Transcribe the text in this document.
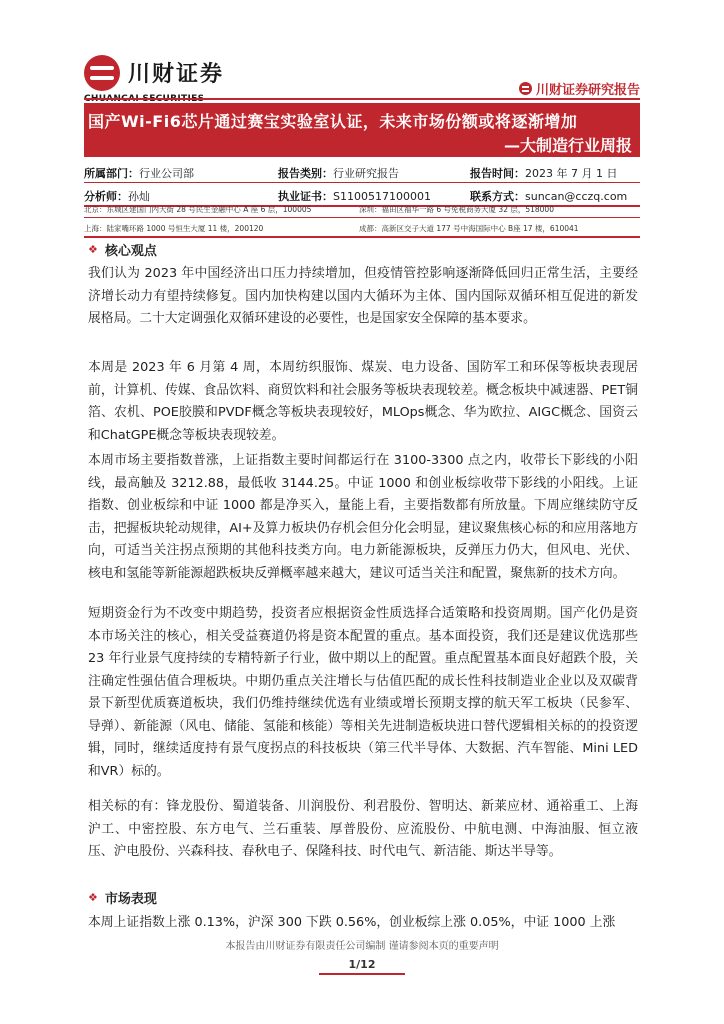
川财证券
川财证券研究报告
国产Wi-Fi6芯片通过赛宝实验室认证，未来市场份额或将逐渐增加
—大制造行业周报
所属部门：行业公司部	报告类别：行业研究报告	报告时间：2023 年 7 月 1 日
分析师：孙灿	执业证书：S1100517100001	联系方式：suncan@cczq.com
北京：东城区建国门内大街 28 号民生金融中心 A 座 6 层，100005	深圳：福田区福华一路 6 号免税商务大厦 32 层，518000
上海：陆家嘴环路 1000 号恒生大厦 11 楼，200120	成都：高新区交子大道 177 号中海国际中心 B座 17 楼，610041
❖ 核心观点
我们认为 2023 年中国经济出口压力持续增加，但疫情管控影响逐渐降低回归正常生活，主要经济增长动力有望持续修复。国内加快构建以国内大循环为主体、国内国际双循环相互促进的新发展格局。二十大定调强化双循环建设的必要性，也是国家安全保障的基本要求。
本周是 2023 年 6 月第 4 周，本周纺织服饰、煤炭、电力设备、国防军工和环保等板块表现居前，计算机、传媒、食品饮料、商贸饮料和社会服务等板块表现较差。概念板块中减速器、PET铜箔、农机、POE胶膜和PVDF概念等板块表现较好，MLOps概念、华为欧拉、AIGC概念、国资云和ChatGPE概念等板块表现较差。
本周市场主要指数普涨，上证指数主要时间都运行在 3100-3300 点之内，收带长下影线的小阳线，最高触及 3212.88，最低收 3144.25。中证 1000 和创业板综收带下影线的小阳线。上证指数、创业板综和中证 1000 都是净买入，量能上看，主要指数都有所放量。下周应继续防守反击，把握板块轮动规律，AI+及算力板块仍存机会但分化会明显，建议聚焦核心标的和应用落地方向，可适当关注拐点预期的其他科技类方向。电力新能源板块，反弹压力仍大，但风电、光伏、核电和氢能等新能源超跌板块反弹概率越来越大，建议可适当关注和配置，聚焦新的技术方向。
短期资金行为不改变中期趋势，投资者应根据资金性质选择合适策略和投资周期。国产化仍是资本市场关注的核心，相关受益赛道仍将是资本配置的重点。基本面投资，我们还是建议优选那些 23 年行业景气度持续的专精特新子行业，做中期以上的配置。重点配置基本面良好超跌个股，关注确定性强估值合理板块。中期仍重点关注增长与估值匹配的成长性科技制造业企业以及双碳背景下新型优质赛道板块，我们仍维持继续优选有业绩或增长预期支撑的航天军工板块（民参军、导弹）、新能源（风电、储能、氢能和核能）等相关先进制造板块进口替代逻辑相关标的的投资逻辑，同时，继续适度持有景气度拐点的科技板块（第三代半导体、大数据、汽车智能、Mini LED和VR）标的。
相关标的有：锋龙股份、蜀道装备、川润股份、利君股份、智明达、新莱应材、通裕重工、上海沪工、中密控股、东方电气、兰石重装、厚普股份、应流股份、中航电测、中海油服、恒立液压、沪电股份、兴森科技、春秋电子、保隆科技、时代电气、新洁能、斯达半导等。
❖ 市场表现
本周上证指数上涨 0.13%，沪深 300 下跌 0.56%，创业板综上涨 0.05%，中证 1000 上涨
本报告由川财证券有限责任公司编制 谨请参阅本页的重要声明
1/12
